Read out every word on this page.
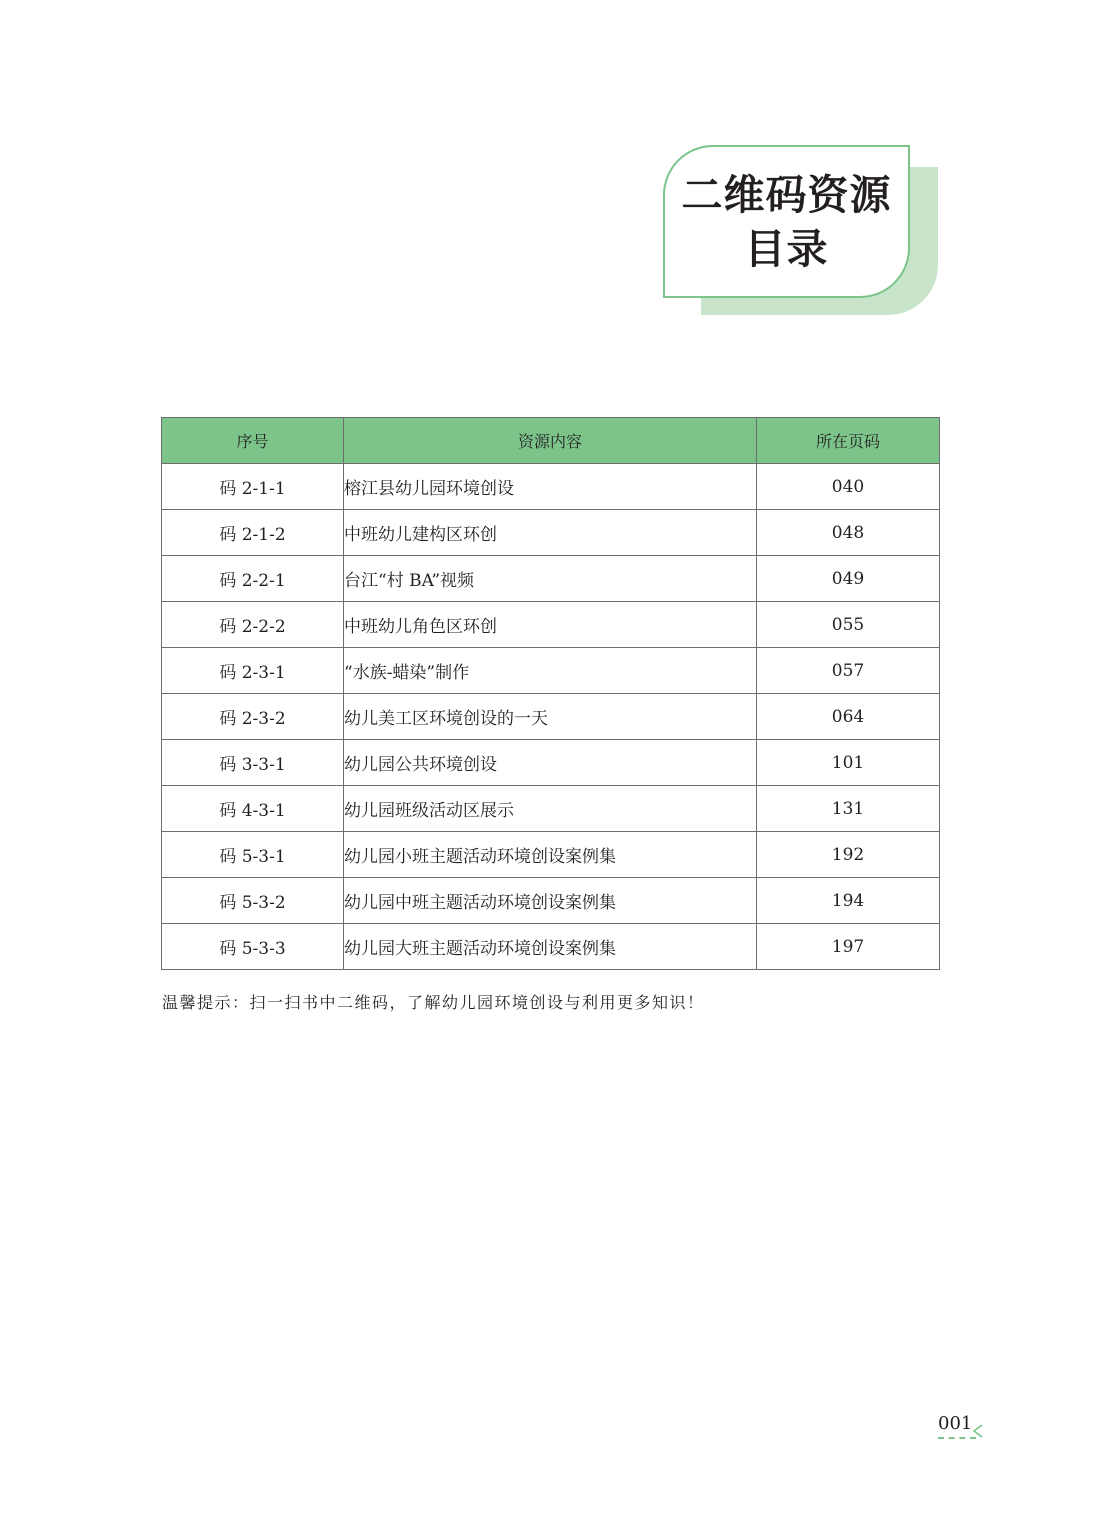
二维码资源
目录
序号	资源内容	所在页码
码 2-1-1	榕江县幼儿园环境创设	040
码 2-1-2	中班幼儿建构区环创	048
码 2-2-1	台江“村 BA”视频	049
码 2-2-2	中班幼儿角色区环创	055
码 2-3-1	“水族-蜡染”制作	057
码 2-3-2	幼儿美工区环境创设的一天	064
码 3-3-1	幼儿园公共环境创设	101
码 4-3-1	幼儿园班级活动区展示	131
码 5-3-1	幼儿园小班主题活动环境创设案例集	192
码 5-3-2	幼儿园中班主题活动环境创设案例集	194
码 5-3-3	幼儿园大班主题活动环境创设案例集	197
温馨提示：扫一扫书中二维码，了解幼儿园环境创设与利用更多知识！
001
